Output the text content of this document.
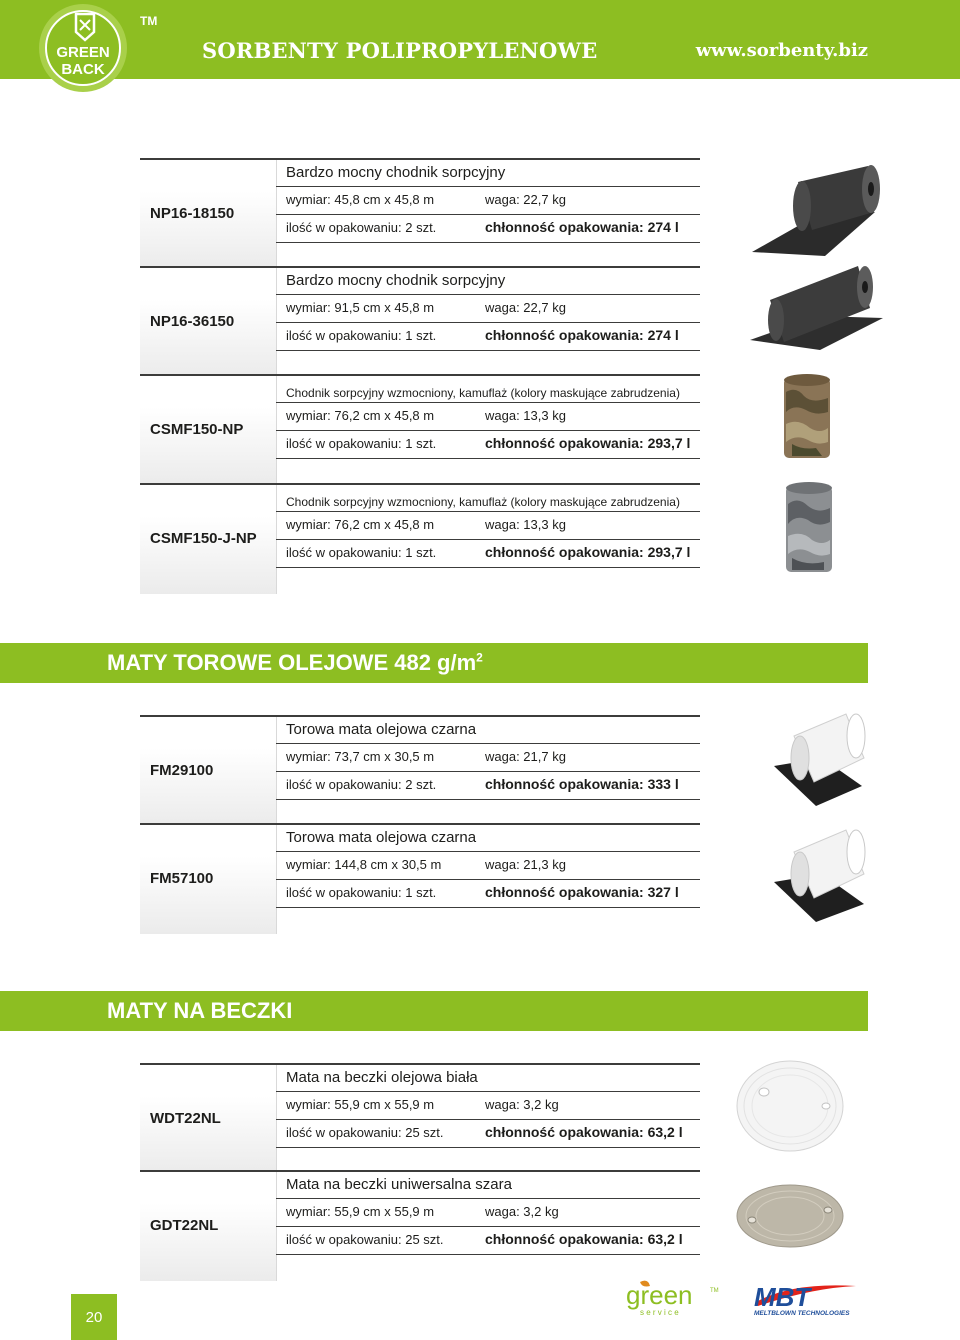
GREEN
BACK
TM
SORBENTY POLIPROPYLENOWE	www.sorbenty.biz
NP16-18150
Bardzo mocny chodnik sorpcyjny
wymiar: 45,8 cm x 45,8 m	waga: 22,7 kg
ilość w opakowaniu: 2 szt.	chłonność opakowania: 274 l
NP16-36150
Bardzo mocny chodnik sorpcyjny
wymiar: 91,5 cm x 45,8 m	waga: 22,7 kg
ilość w opakowaniu: 1 szt.	chłonność opakowania: 274 l
CSMF150-NP
Chodnik sorpcyjny wzmocniony, kamuflaż (kolory maskujące zabrudzenia)
wymiar: 76,2 cm x 45,8 m	waga: 13,3 kg
ilość w opakowaniu: 1 szt.	chłonność opakowania: 293,7 l
CSMF150-J-NP
Chodnik sorpcyjny wzmocniony, kamuflaż (kolory maskujące zabrudzenia)
wymiar: 76,2 cm x 45,8 m	waga: 13,3 kg
ilość w opakowaniu: 1 szt.	chłonność opakowania: 293,7 l
MATY TOROWE OLEJOWE 482 $g/m^2$
FM29100
Torowa mata olejowa czarna
wymiar: 73,7 cm x 30,5 m	waga: 21,7 kg
ilość w opakowaniu: 2 szt.	chłonność opakowania: 333 l
FM57100
Torowa mata olejowa czarna
wymiar: 144,8 cm x 30,5 m	waga: 21,3 kg
ilość w opakowaniu: 1 szt.	chłonność opakowania: 327 l
MATY NA BECZKI
WDT22NL
Mata na beczki olejowa biała
wymiar: 55,9 cm x 55,9 m	waga: 3,2 kg
ilość w opakowaniu: 25 szt.	chłonność opakowania: 63,2 l
GDT22NL
Mata na beczki uniwersalna szara
wymiar: 55,9 cm x 55,9 m	waga: 3,2 kg
ilość w opakowaniu: 25 szt.	chłonność opakowania: 63,2 l
20
green	TM
s e r v i c e
MBT
MELTBLOWN TECHNOLOGIES
